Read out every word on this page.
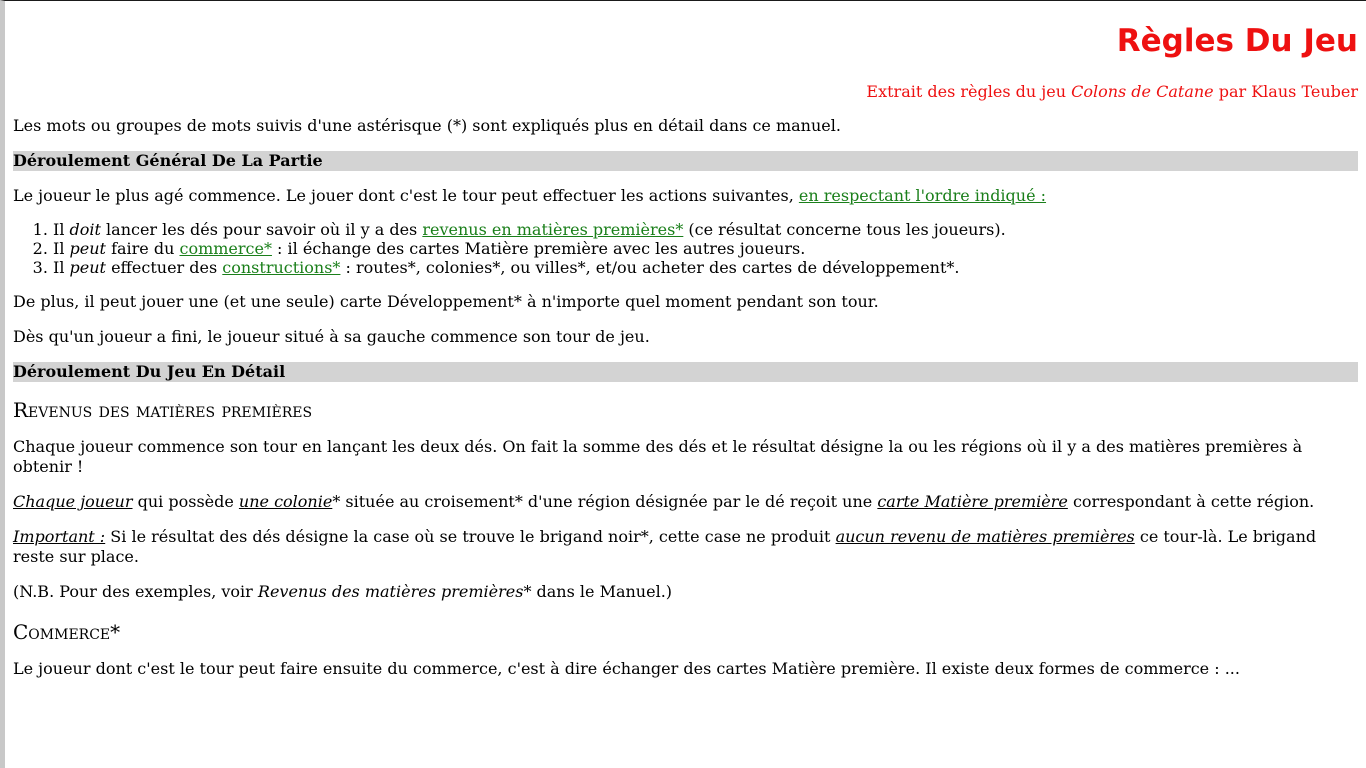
Règles Du Jeu

Extrait des règles du jeu Colons de Catane par Klaus Teuber

Les mots ou groupes de mots suivis d'une astérisque (*) sont expliqués plus en détail dans ce manuel.

Déroulement Général De La Partie

Le joueur le plus agé commence. Le jouer dont c'est le tour peut effectuer les actions suivantes, en respectant l'ordre indiqué :

1. Il doit lancer les dés pour savoir où il y a des revenus en matières premières* (ce résultat concerne tous les joueurs).
2. Il peut faire du commerce* : il échange des cartes Matière première avec les autres joueurs.
3. Il peut effectuer des constructions* : routes*, colonies*, ou villes*, et/ou acheter des cartes de développement*.

De plus, il peut jouer une (et une seule) carte Développement* à n'importe quel moment pendant son tour.

Dès qu'un joueur a fini, le joueur situé à sa gauche commence son tour de jeu.

Déroulement Du Jeu En Détail
Revenus des matières premières

Chaque joueur commence son tour en lançant les deux dés. On fait la somme des dés et le résultat désigne la ou les régions où il y a des matières premières à obtenir !

Chaque joueur qui possède une colonie* située au croisement* d'une région désignée par le dé reçoit une carte Matière première correspondant à cette région.

Important : Si le résultat des dés désigne la case où se trouve le brigand noir*, cette case ne produit aucun revenu de matières premières ce tour-là. Le brigand reste sur place.

(N.B. Pour des exemples, voir Revenus des matières premières* dans le Manuel.)

Commerce*

Le joueur dont c'est le tour peut faire ensuite du commerce, c'est à dire échanger des cartes Matière première. Il existe deux formes de commerce : ...
